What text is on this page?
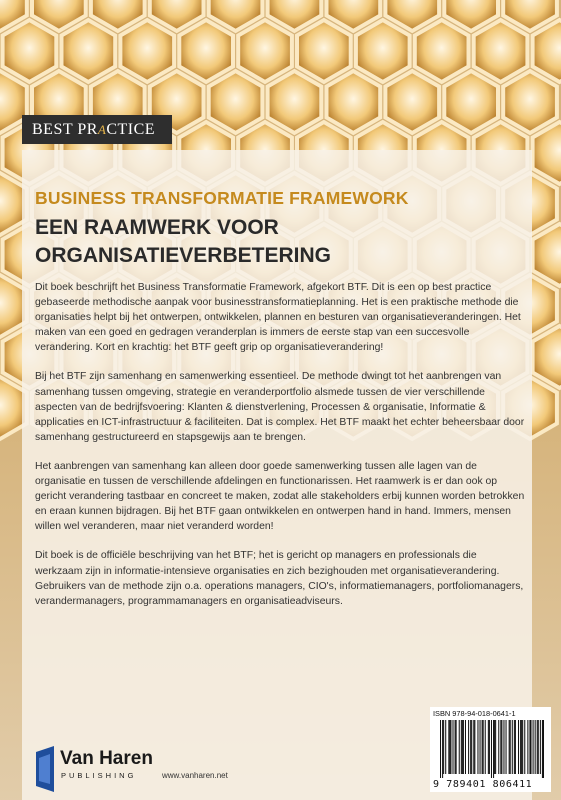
BEST PRACTICE
BUSINESS TRANSFORMATIE FRAMEWORK
EEN RAAMWERK VOOR ORGANISATIEVERBETERING

Dit boek beschrijft het Business Transformatie Framework, afgekort BTF. Dit is een op best practice gebaseerde methodische aanpak voor businesstransformatieplanning. Het is een praktische methode die organisaties helpt bij het ontwerpen, ontwikkelen, plannen en besturen van organisatieveranderingen. Het maken van een goed en gedragen veranderplan is immers de eerste stap van een succesvolle verandering. Kort en krachtig: het BTF geeft grip op organisatieverandering!

Bij het BTF zijn samenhang en samenwerking essentieel. De methode dwingt tot het aanbrengen van samenhang tussen omgeving, strategie en veranderportfolio alsmede tussen de vier verschillende aspecten van de bedrijfsvoering: Klanten & dienstverlening, Processen & organisatie, Informatie & applicaties en ICT-infrastructuur & faciliteiten. Dat is complex. Het BTF maakt het echter beheersbaar door samenhang gestructureerd en stapsgewijs aan te brengen.

Het aanbrengen van samenhang kan alleen door goede samenwerking tussen alle lagen van de organisatie en tussen de verschillende afdelingen en functionarissen. Het raamwerk is er dan ook op gericht verandering tastbaar en concreet te maken, zodat alle stakeholders erbij kunnen worden betrokken en eraan kunnen bijdragen. Bij het BTF gaan ontwikkelen en ontwerpen hand in hand. Immers, mensen willen wel veranderen, maar niet veranderd worden!

Dit boek is de officiële beschrijving van het BTF; het is gericht op managers en professionals die werkzaam zijn in informatie-intensieve organisaties en zich bezighouden met organisatieverandering. Gebruikers van de methode zijn o.a. operations managers, CIO's, informatiemanagers, portfoliomanagers, verandermanagers, programmamanagers en organisatieadviseurs.

Van Haren
PUBLISHING	www.vanharen.net
ISBN 978-94-018-0641-1
9 789401 806411
